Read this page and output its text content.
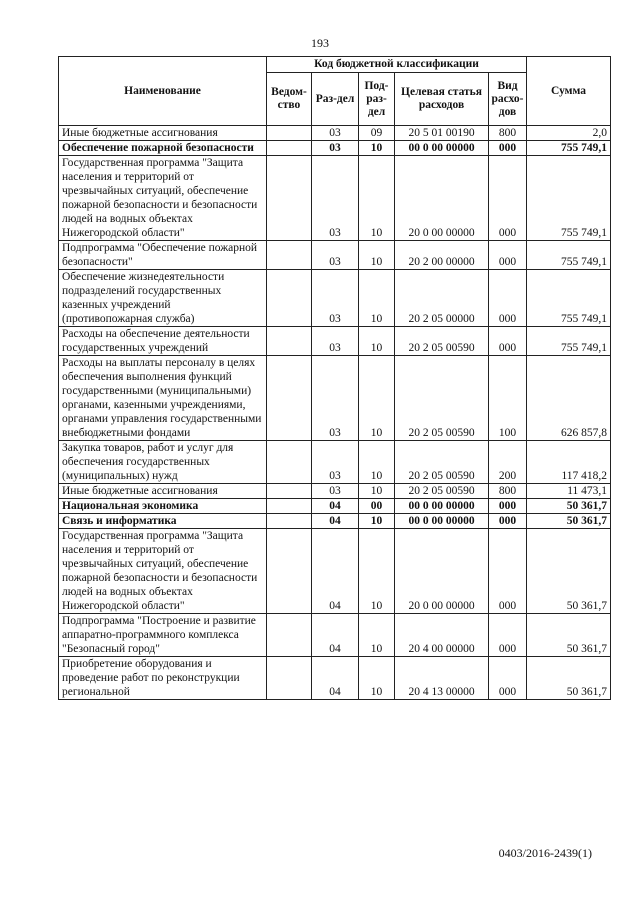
193
Наименование	Код бюджетной классификации					Сумма
	Ведом-ство	Раз-дел	Под-раз-дел	Целевая статья расходов	Вид расхо-дов	
Иные бюджетные ассигнования		03	09	20 5 01 00190	800	2,0
Обеспечение пожарной безопасности		03	10	00 0 00 00000	000	755 749,1
Государственная программа "Защита населения и территорий от чрезвычайных ситуаций, обеспечение пожарной безопасности и безопасности людей на водных объектах Нижегородской области"		03	10	20 0 00 00000	000	755 749,1
Подпрограмма "Обеспечение пожарной безопасности"		03	10	20 2 00 00000	000	755 749,1
Обеспечение жизнедеятельности подразделений государственных казенных учреждений (противопожарная служба)		03	10	20 2 05 00000	000	755 749,1
Расходы на обеспечение деятельности государственных учреждений		03	10	20 2 05 00590	000	755 749,1
Расходы на выплаты персоналу в целях обеспечения выполнения функций государственными (муниципальными) органами, казенными учреждениями, органами управления государственными внебюджетными фондами		03	10	20 2 05 00590	100	626 857,8
Закупка товаров, работ и услуг для обеспечения государственных (муниципальных) нужд		03	10	20 2 05 00590	200	117 418,2
Иные бюджетные ассигнования		03	10	20 2 05 00590	800	11 473,1
Национальная экономика		04	00	00 0 00 00000	000	50 361,7
Связь и информатика		04	10	00 0 00 00000	000	50 361,7
Государственная программа "Защита населения и территорий от чрезвычайных ситуаций, обеспечение пожарной безопасности и безопасности людей на водных объектах Нижегородской области"		04	10	20 0 00 00000	000	50 361,7
Подпрограмма "Построение и развитие аппаратно-программного комплекса "Безопасный город"		04	10	20 4 00 00000	000	50 361,7
Приобретение оборудования и проведение работ по реконструкции региональной		04	10	20 4 13 00000	000	50 361,7
0403/2016-2439(1)
